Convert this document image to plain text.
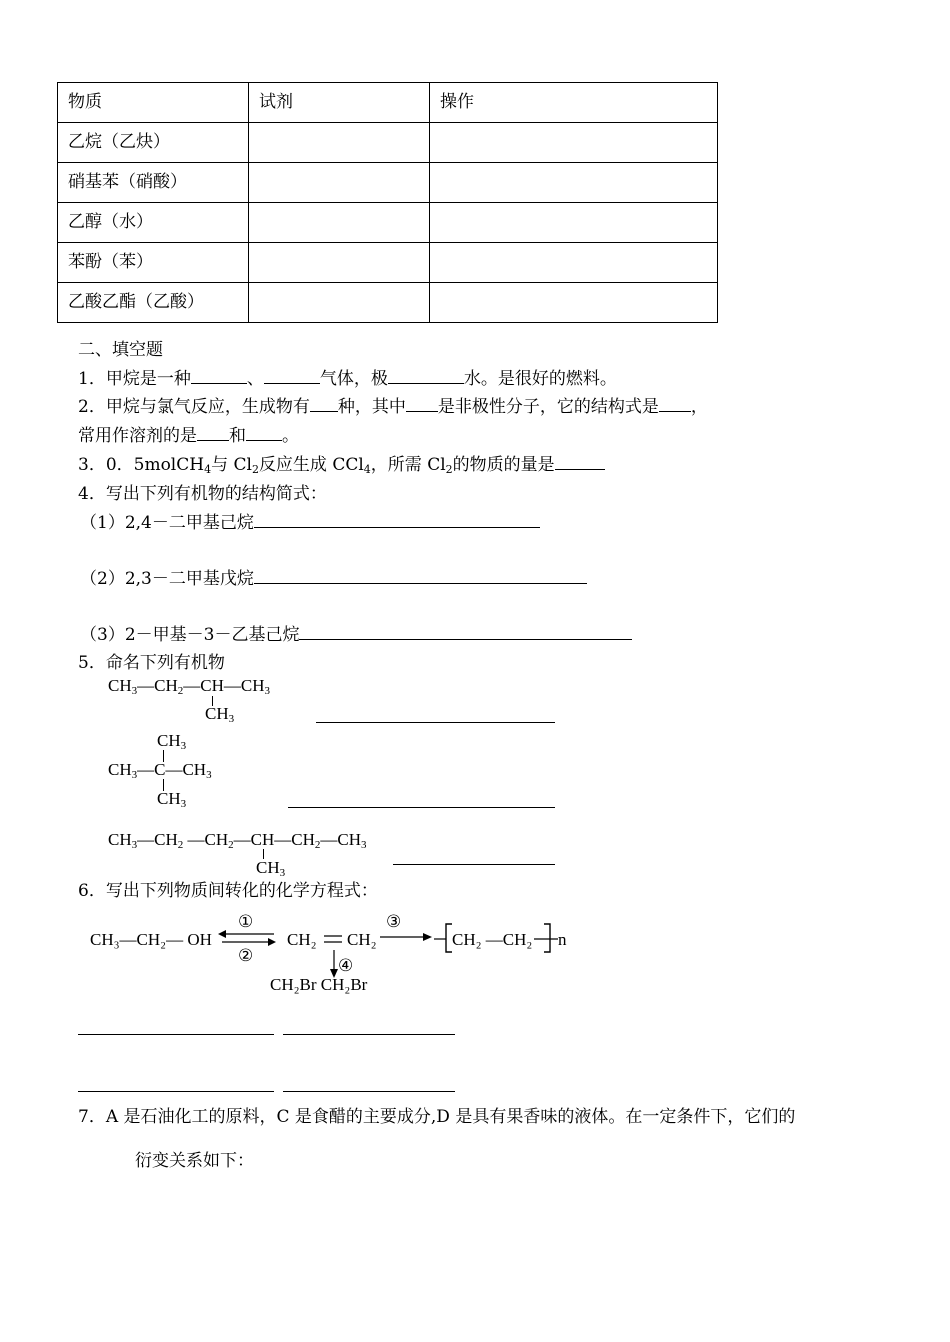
物质	试剂	操作
乙烷（乙炔）		
硝基苯（硝酸）		
乙醇（水）		
苯酚（苯）		
乙酸乙酯（乙酸）		
二、填空题
1．甲烷是一种	、	气体，极	水。是很好的燃料。
2．甲烷与氯气反应，生成物有 种，其中 是非极性分子，它的结构式是 ，
常用作溶剂的是 和 。
3．0．5molCH$_4$与 $Cl_2$反应生成 CCl$_4$，所需 $Cl_2$的物质的量是
4．写出下列有机物的结构简式：
（1）2,4－二甲基己烷
（2）2,3－二甲基戊烷
（3）2－甲基－3－乙基己烷
5．命名下列有机物
$CH_3—CH_2—CH—CH_3$
$CH_3$
$CH_3$
$CH_3—C—CH_3$
$CH_3$
$CH_3—CH_2$ $—CH_2—CH—CH_2—CH_3$
$CH_3$
6．写出下列物质间转化的化学方程式：
CH₃—CH₂— OH ⇌
①
②
CH₂ CH₂
③
CH₂ —CH₂ n
④
CH₂Br CH₂Br
7．A 是石油化工的原料，C 是食醋的主要成分,D 是具有果香味的液体。在一定条件下，它们的
衍变关系如下：
